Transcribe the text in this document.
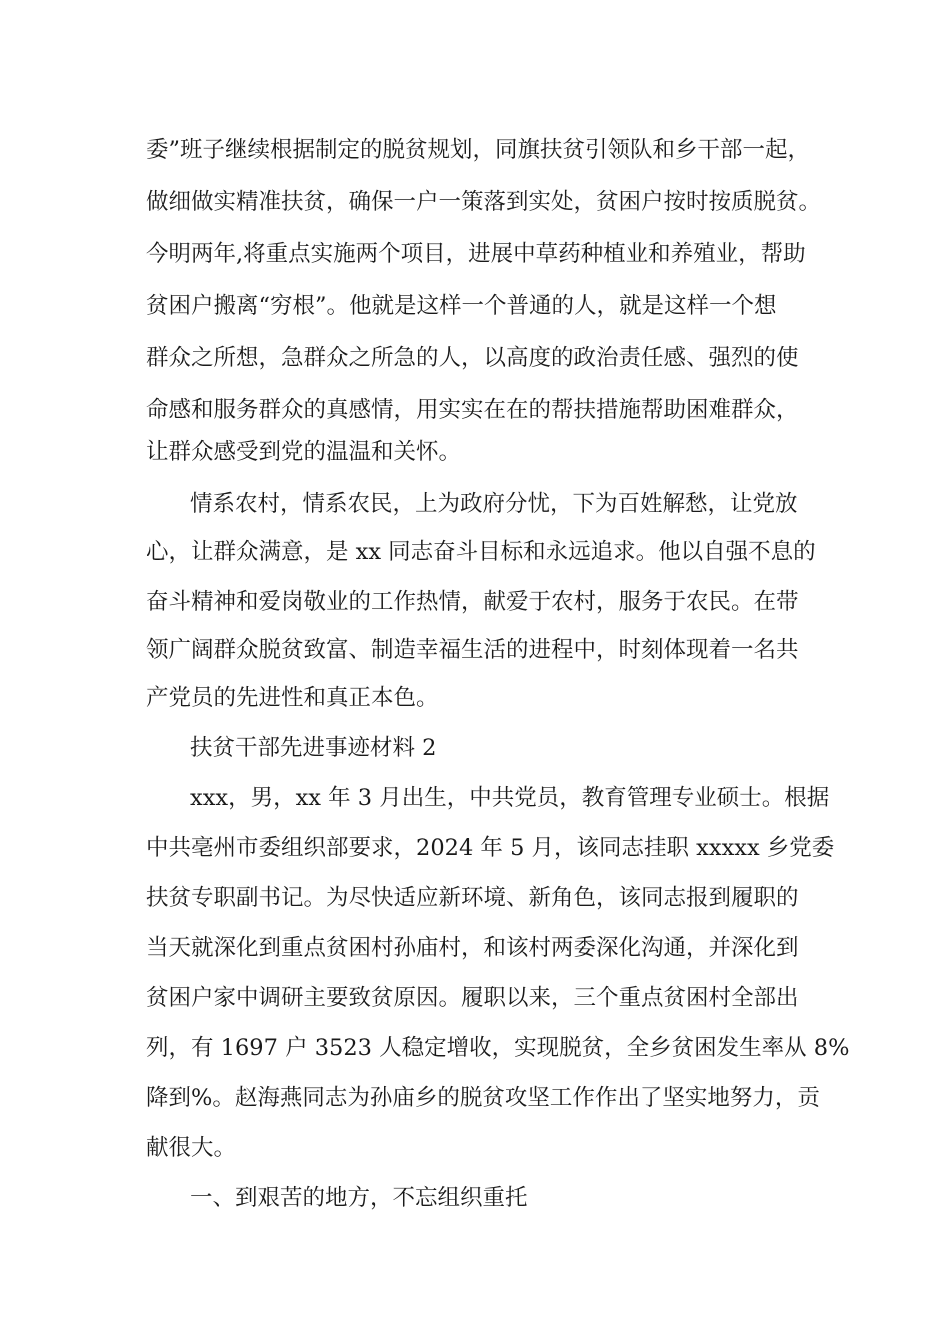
委”班子继续根据制定的脱贫规划，同旗扶贫引领队和乡干部一起，
做细做实精准扶贫，确保一户一策落到实处，贫困户按时按质脱贫。
今明两年,将重点实施两个项目，进展中草药种植业和养殖业，帮助
贫困户搬离“穷根”。他就是这样一个普通的人，就是这样一个想
群众之所想，急群众之所急的人，以高度的政治责任感、强烈的使
命感和服务群众的真感情，用实实在在的帮扶措施帮助困难群众，
让群众感受到党的温温和关怀。
情系农村，情系农民，上为政府分忧，下为百姓解愁，让党放
心，让群众满意，是 xx 同志奋斗目标和永远追求。他以自强不息的
奋斗精神和爱岗敬业的工作热情，献爱于农村，服务于农民。在带
领广阔群众脱贫致富、制造幸福生活的进程中，时刻体现着一名共
产党员的先进性和真正本色。
扶贫干部先进事迹材料 2
xxx，男，xx 年 3 月出生，中共党员，教育管理专业硕士。根据
中共亳州市委组织部要求，2024 年 5 月，该同志挂职 xxxxx 乡党委
扶贫专职副书记。为尽快适应新环境、新角色，该同志报到履职的
当天就深化到重点贫困村孙庙村，和该村两委深化沟通，并深化到
贫困户家中调研主要致贫原因。履职以来，三个重点贫困村全部出
列，有 1697 户 3523 人稳定增收，实现脱贫，全乡贫困发生率从 8%
降到%。赵海燕同志为孙庙乡的脱贫攻坚工作作出了坚实地努力，贡
献很大。
一、到艰苦的地方，不忘组织重托
